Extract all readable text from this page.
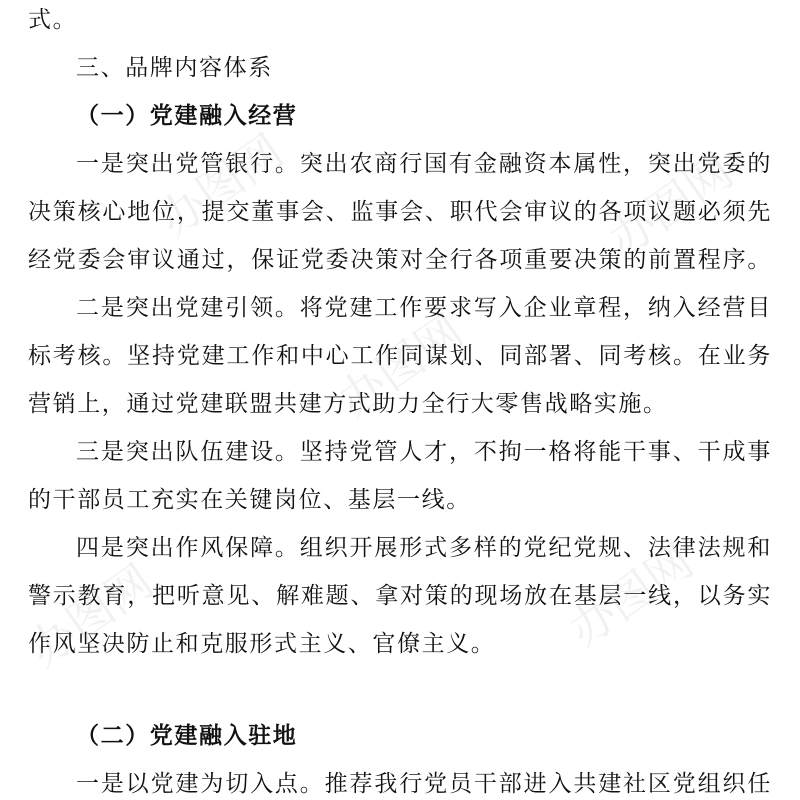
式。
三、品牌内容体系
（一）党建融入经营
一是突出党管银行。突出农商行国有金融资本属性，突出党委的
决策核心地位，提交董事会、监事会、职代会审议的各项议题必须先
经党委会审议通过，保证党委决策对全行各项重要决策的前置程序。
二是突出党建引领。将党建工作要求写入企业章程，纳入经营目
标考核。坚持党建工作和中心工作同谋划、同部署、同考核。在业务
营销上，通过党建联盟共建方式助力全行大零售战略实施。
三是突出队伍建设。坚持党管人才，不拘一格将能干事、干成事
的干部员工充实在关键岗位、基层一线。
四是突出作风保障。组织开展形式多样的党纪党规、法律法规和
警示教育，把听意见、解难题、拿对策的现场放在基层一线，以务实
作风坚决防止和克服形式主义、官僚主义。
（二）党建融入驻地
一是以党建为切入点。推荐我行党员干部进入共建社区党组织任
办图网
办图网
办图网
办图网
办图网
